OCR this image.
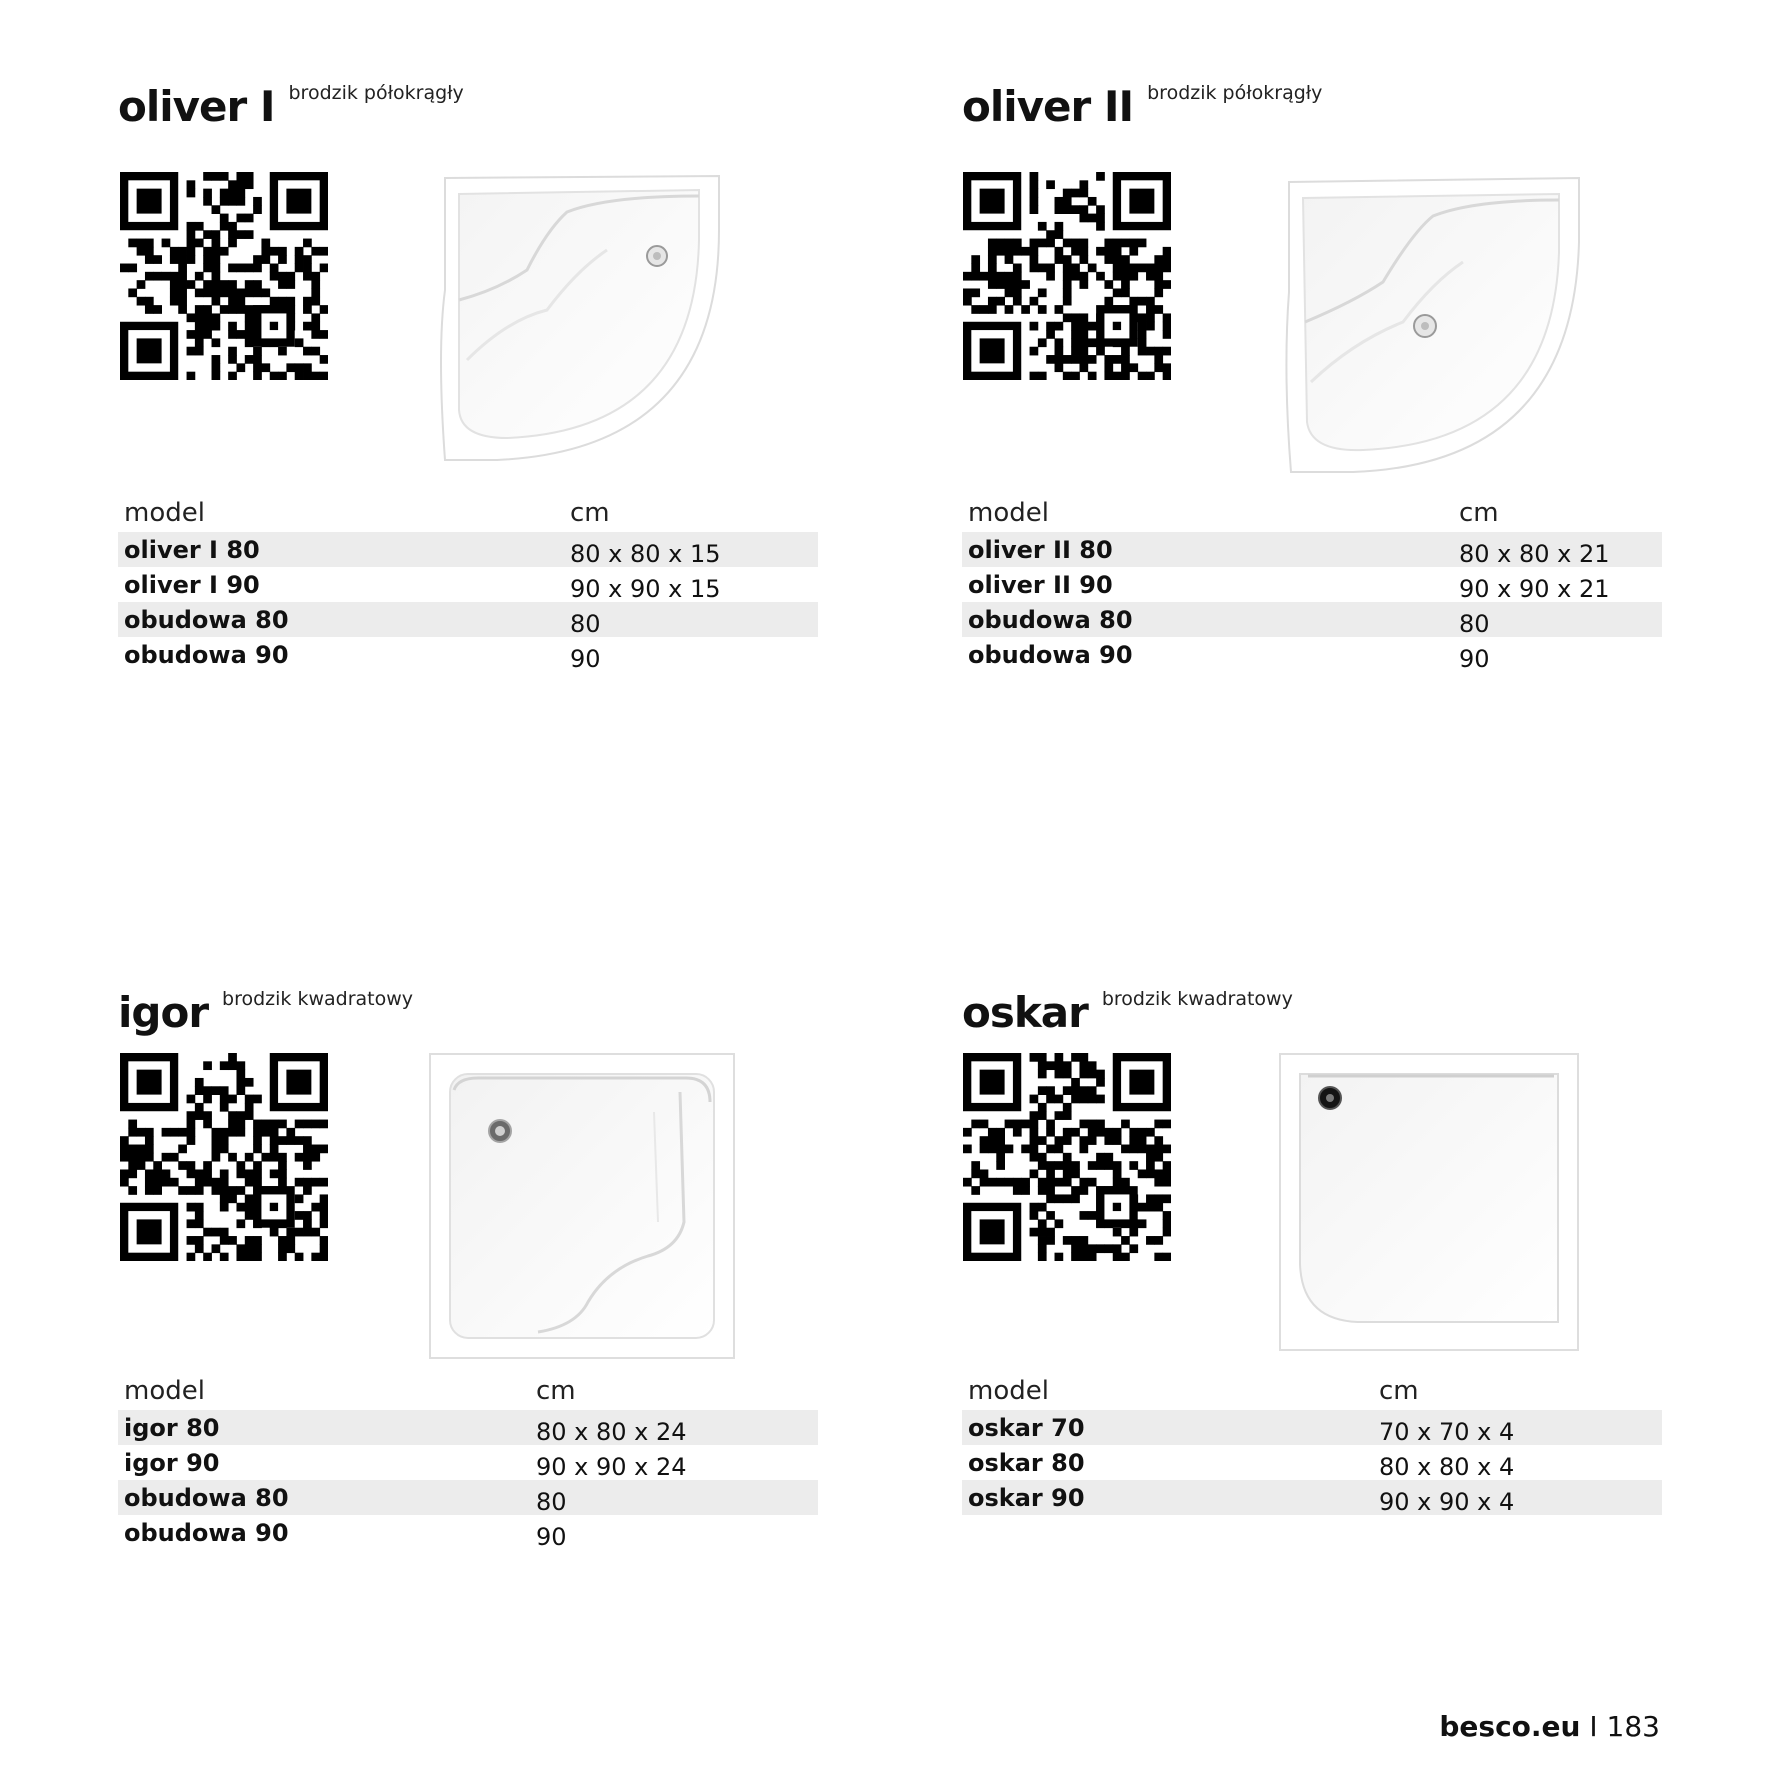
oliver I brodzik półokrągły
model	cm
oliver I 80	80 x 80 x 15
oliver I 90	90 x 90 x 15
obudowa 80	80
obudowa 90	90
oliver II brodzik półokrągły
model	cm
oliver II 80	80 x 80 x 21
oliver II 90	90 x 90 x 21
obudowa 80	80
obudowa 90	90
igor brodzik kwadratowy
model	cm
igor 80	80 x 80 x 24
igor 90	90 x 90 x 24
obudowa 80	80
obudowa 90	90
oskar brodzik kwadratowy
model	cm
oskar 70	70 x 70 x 4
oskar 80	80 x 80 x 4
oskar 90	90 x 90 x 4
besco.eu I 183
